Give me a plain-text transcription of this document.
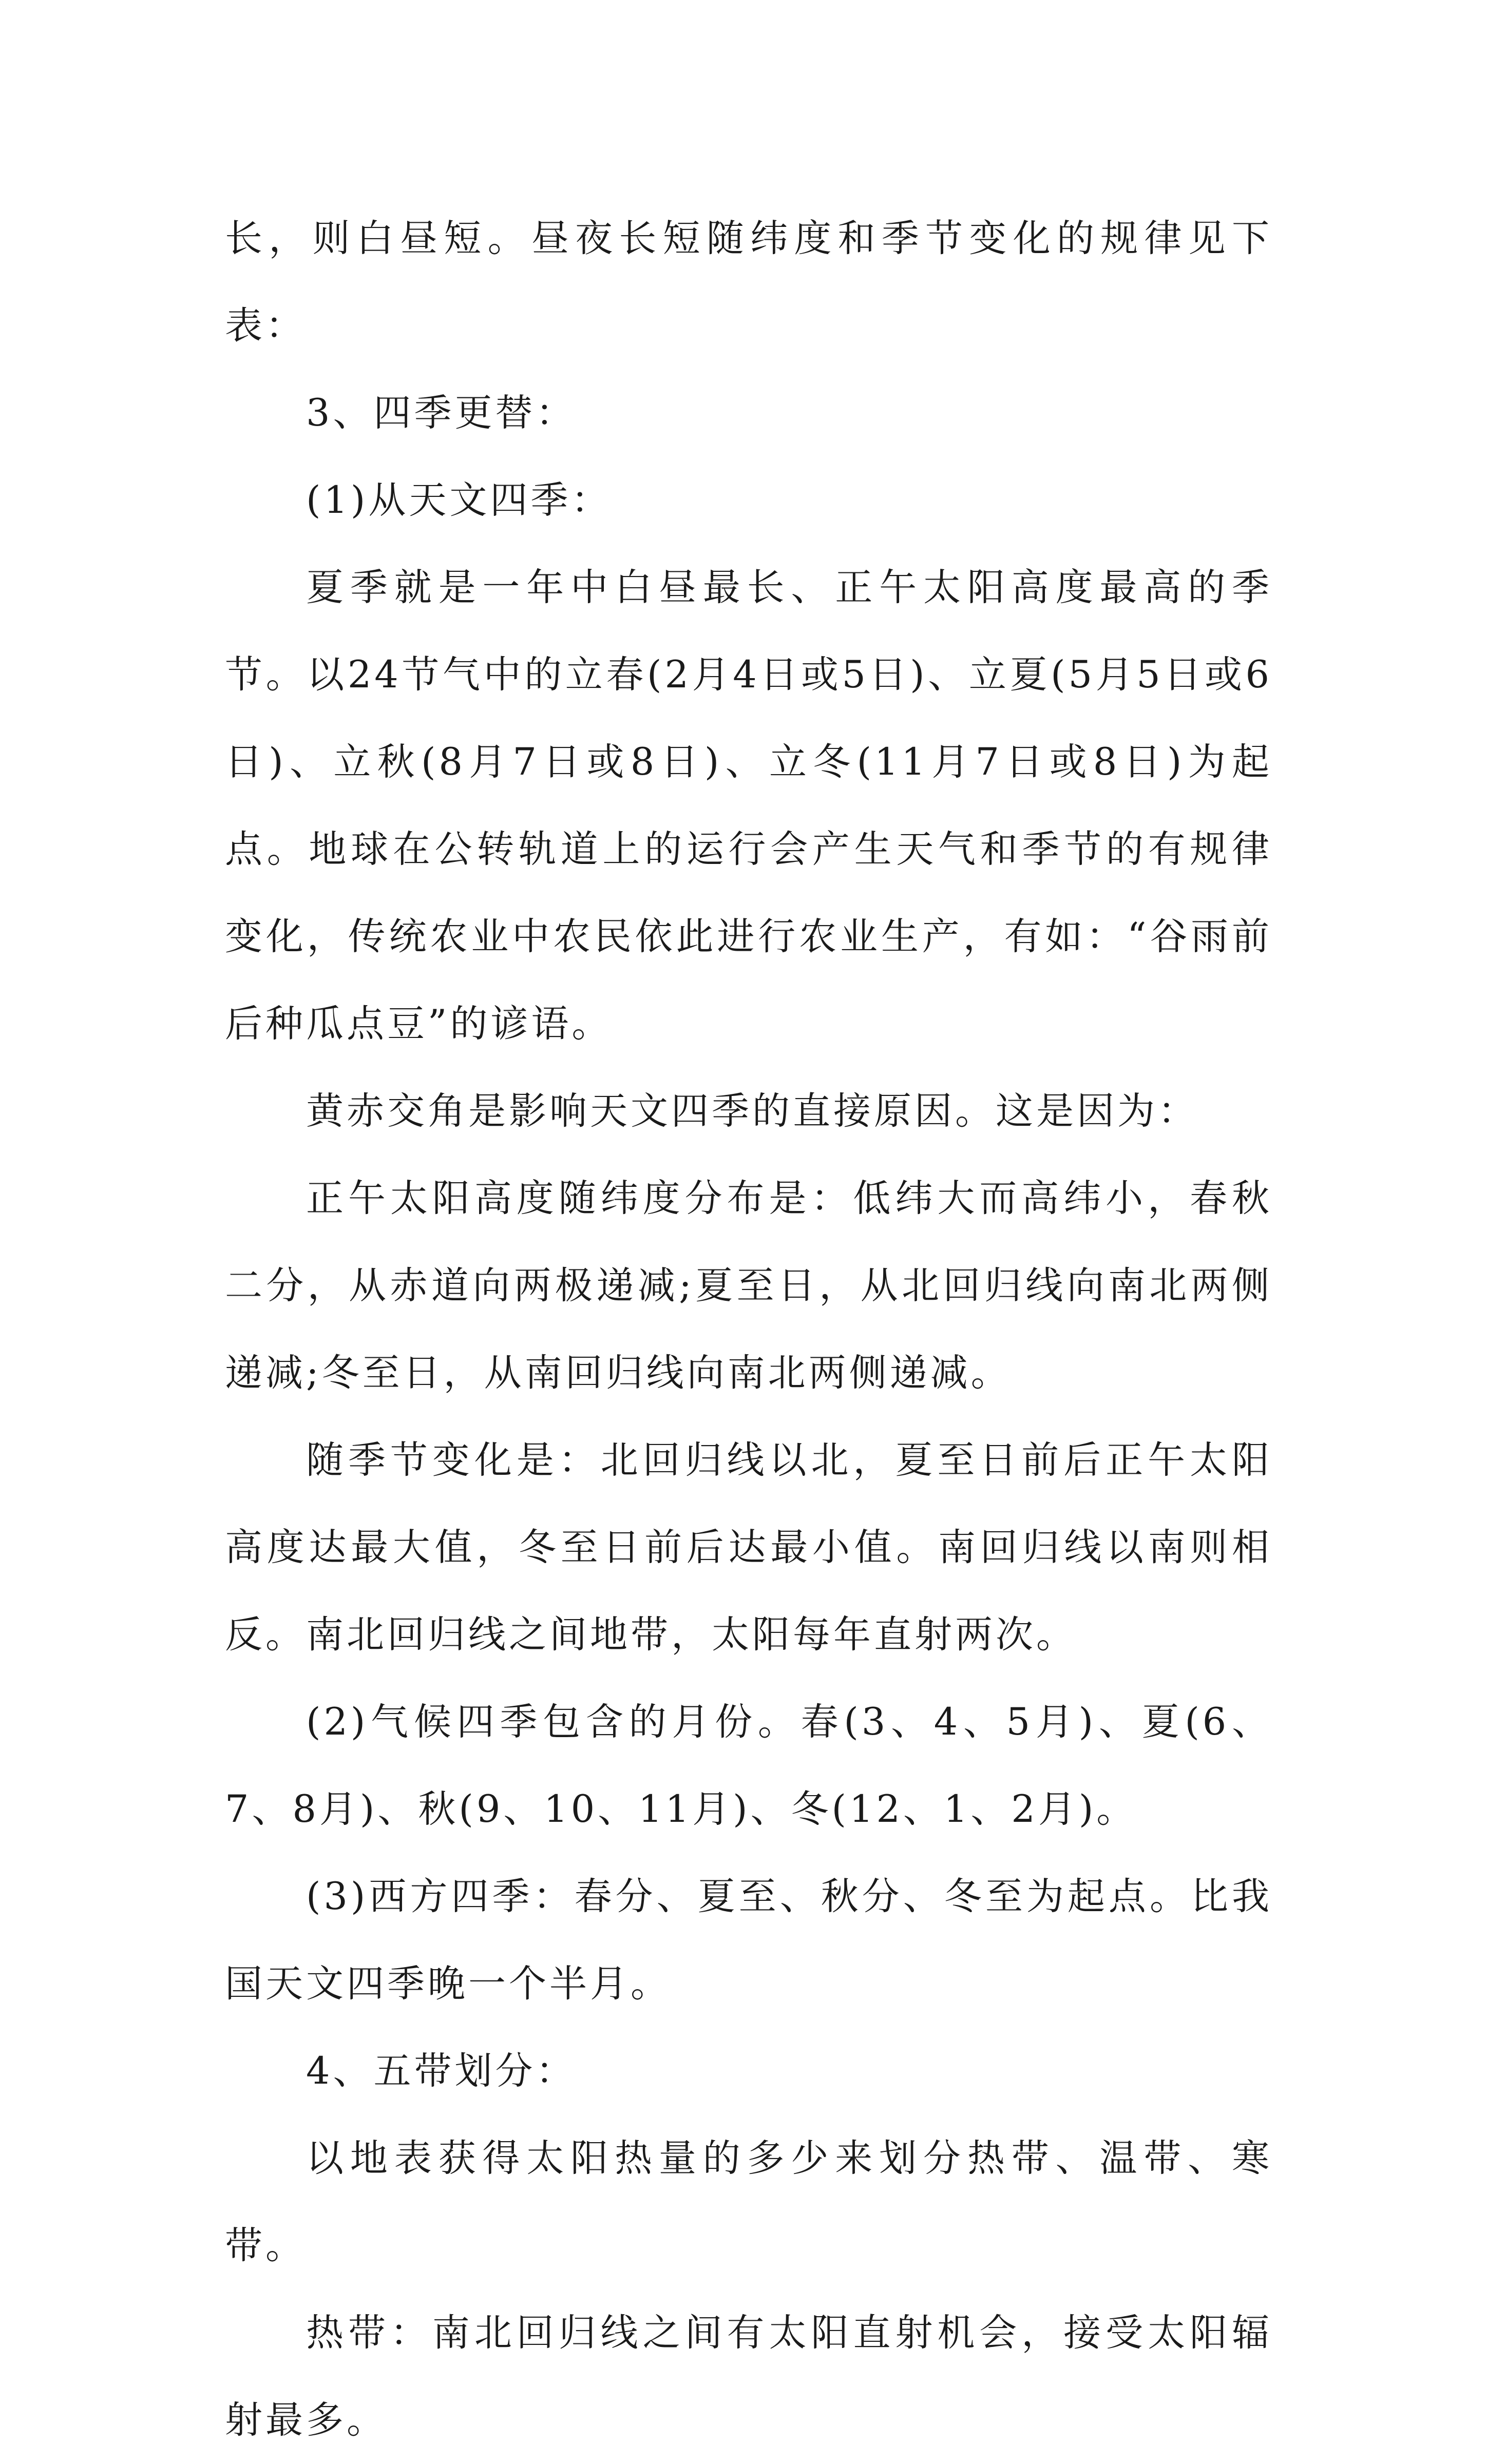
长，则白昼短。昼夜长短随纬度和季节变化的规律见下表：

3、四季更替：

(1)从天文四季：

夏季就是一年中白昼最长、正午太阳高度最高的季节。以24节气中的立春(2月4日或5日)、立夏(5月5日或6日)、立秋(8月7日或8日)、立冬(11月7日或8日)为起点。地球在公转轨道上的运行会产生天气和季节的有规律变化，传统农业中农民依此进行农业生产，有如：“谷雨前后种瓜点豆”的谚语。

黄赤交角是影响天文四季的直接原因。这是因为：

正午太阳高度随纬度分布是：低纬大而高纬小，春秋二分，从赤道向两极递减;夏至日，从北回归线向南北两侧递减;冬至日，从南回归线向南北两侧递减。

随季节变化是：北回归线以北，夏至日前后正午太阳高度达最大值，冬至日前后达最小值。南回归线以南则相反。南北回归线之间地带，太阳每年直射两次。

(2)气候四季包含的月份。春(3、4、5月)、夏(6、7、8月)、秋(9、10、11月)、冬(12、1、2月)。

(3)西方四季：春分、夏至、秋分、冬至为起点。比我国天文四季晚一个半月。

4、五带划分：

以地表获得太阳热量的多少来划分热带、温带、寒带。

热带：南北回归线之间有太阳直射机会，接受太阳辐射最多。
